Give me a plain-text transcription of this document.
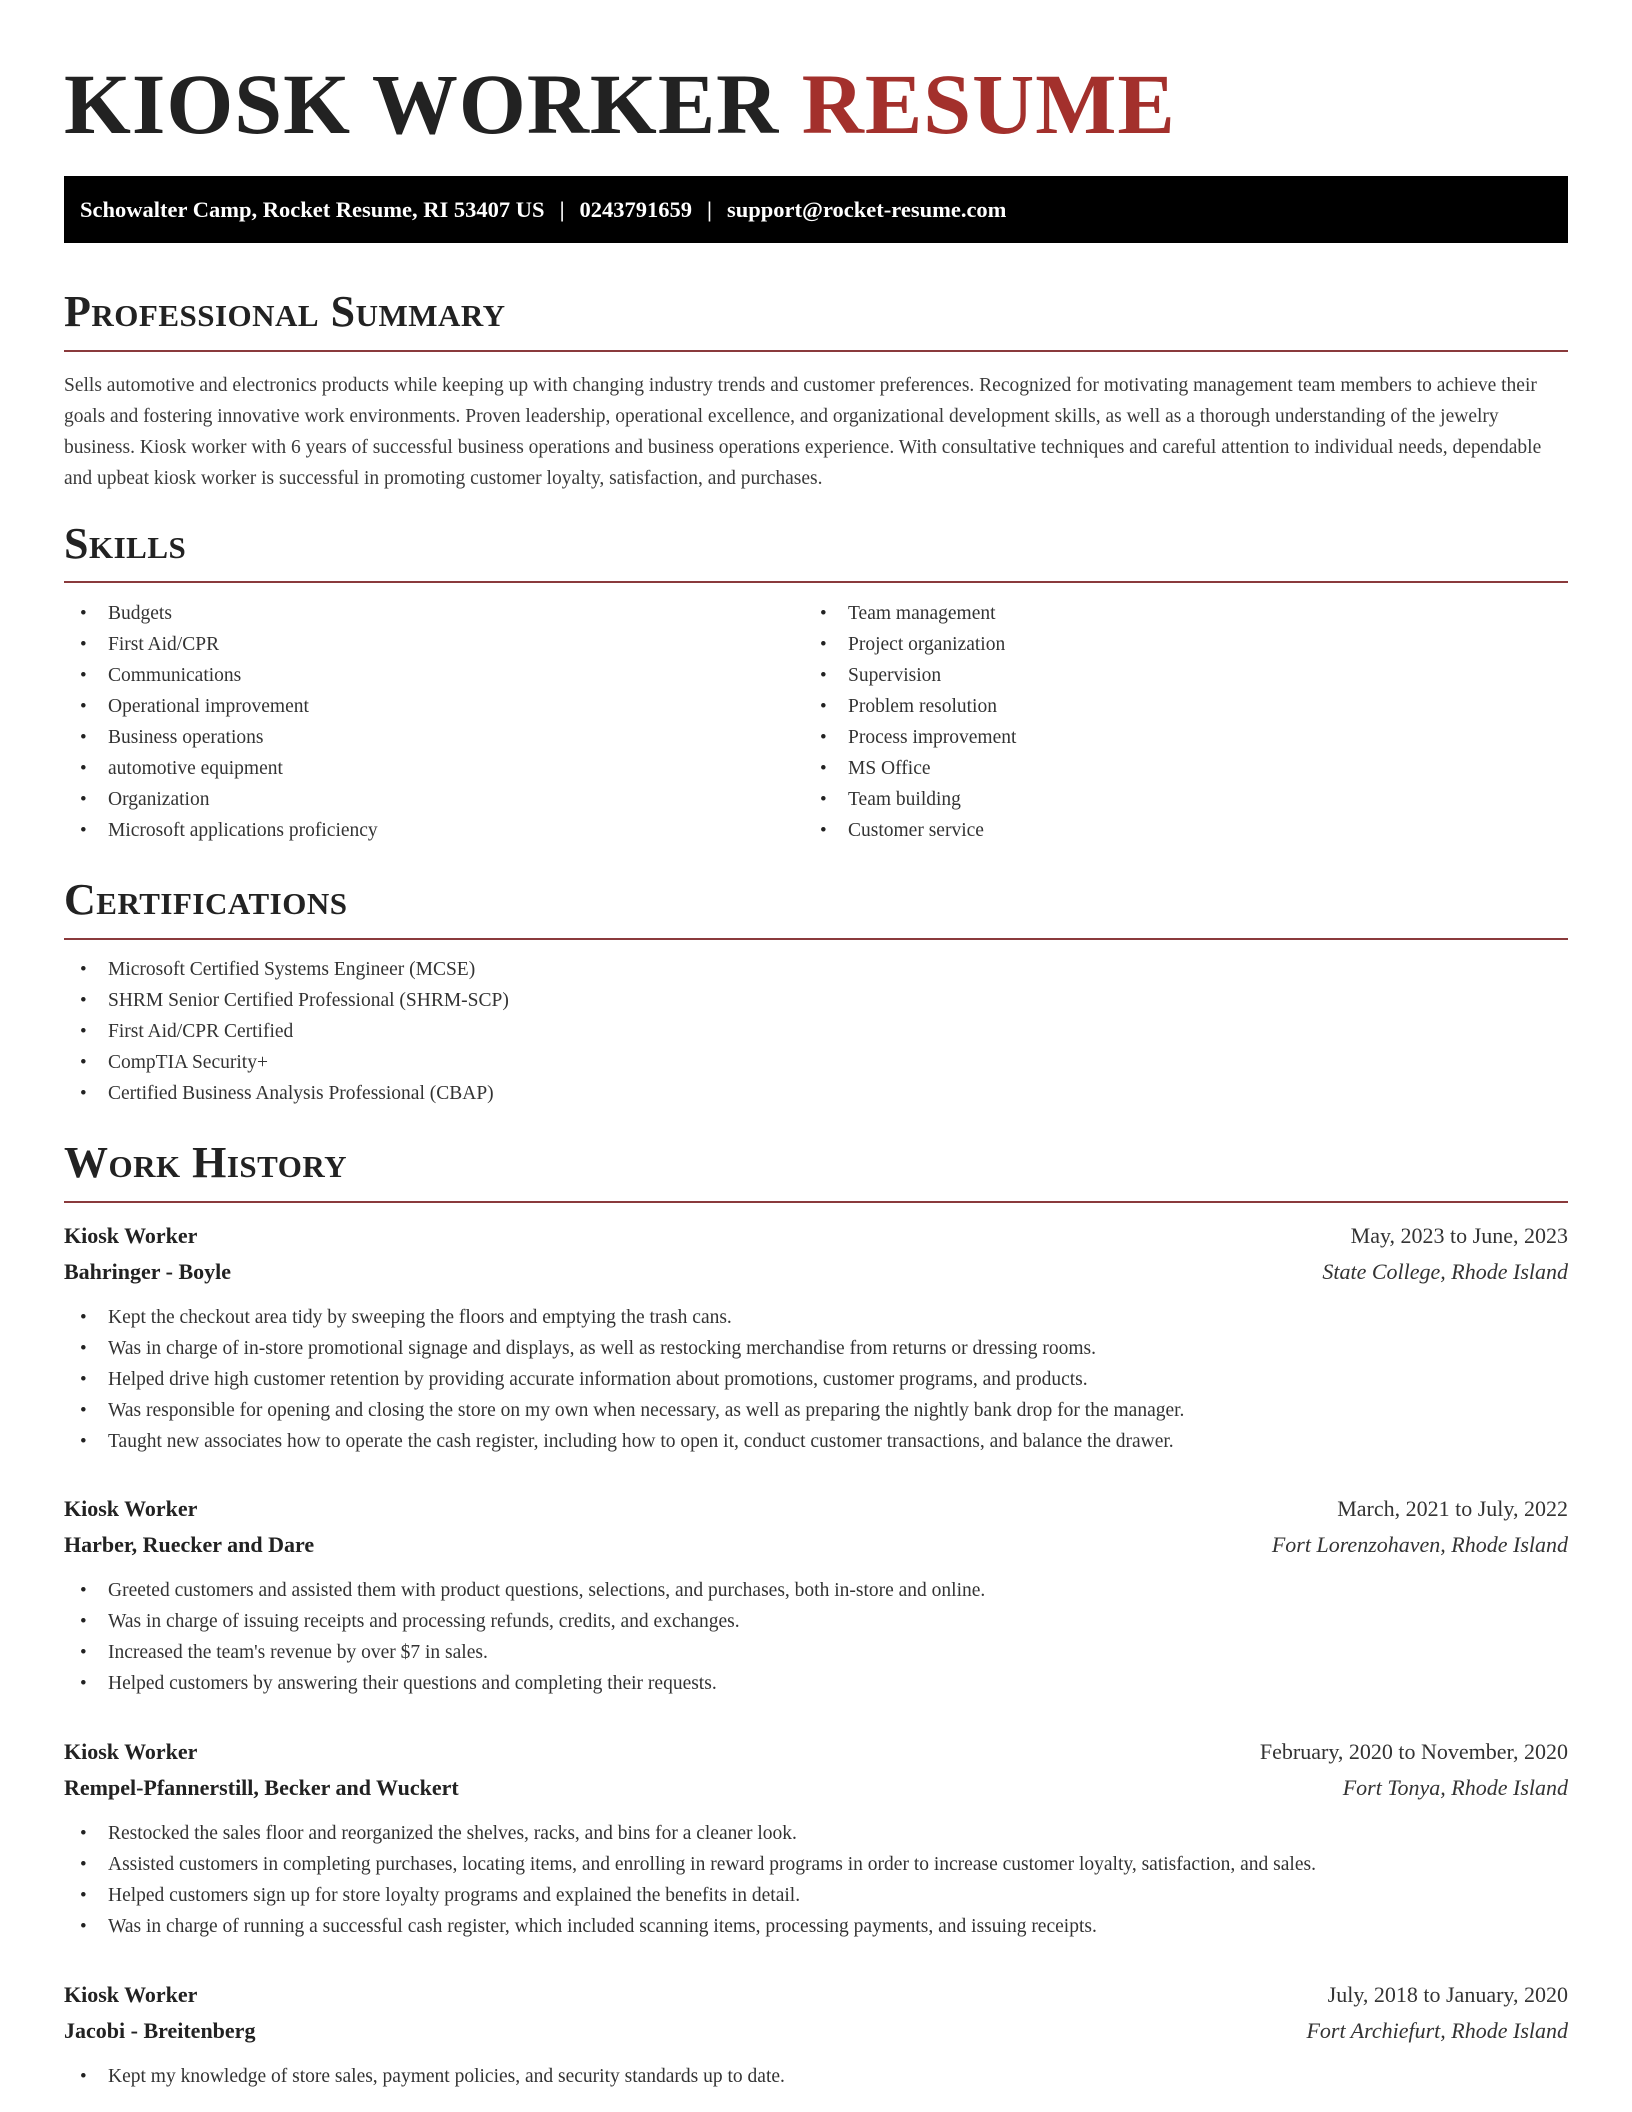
KIOSK WORKER RESUME
Schowalter Camp, Rocket Resume, RI 53407 US | 0243791659 | support@rocket-resume.com
Professional Summary

Sells automotive and electronics products while keeping up with changing industry trends and customer preferences. Recognized for motivating management team members to achieve their goals and fostering innovative work environments. Proven leadership, operational excellence, and organizational development skills, as well as a thorough understanding of the jewelry business. Kiosk worker with 6 years of successful business operations and business operations experience. With consultative techniques and careful attention to individual needs, dependable and upbeat kiosk worker is successful in promoting customer loyalty, satisfaction, and purchases.

Skills
• Budgets
• First Aid/CPR
• Communications
• Operational improvement
• Business operations
• automotive equipment
• Organization
• Microsoft applications proficiency
• Team management
• Project organization
• Supervision
• Problem resolution
• Process improvement
• MS Office
• Team building
• Customer service
Certifications
• Microsoft Certified Systems Engineer (MCSE)
• SHRM Senior Certified Professional (SHRM-SCP)
• First Aid/CPR Certified
• CompTIA Security+
• Certified Business Analysis Professional (CBAP)
Work History
Kiosk Worker	May, 2023 to June, 2023
Bahringer - Boyle	State College, Rhode Island
• Kept the checkout area tidy by sweeping the floors and emptying the trash cans.
• Was in charge of in-store promotional signage and displays, as well as restocking merchandise from returns or dressing rooms.
• Helped drive high customer retention by providing accurate information about promotions, customer programs, and products.
• Was responsible for opening and closing the store on my own when necessary, as well as preparing the nightly bank drop for the manager.
• Taught new associates how to operate the cash register, including how to open it, conduct customer transactions, and balance the drawer.
Kiosk Worker	March, 2021 to July, 2022
Harber, Ruecker and Dare	Fort Lorenzohaven, Rhode Island
• Greeted customers and assisted them with product questions, selections, and purchases, both in-store and online.
• Was in charge of issuing receipts and processing refunds, credits, and exchanges.
• Increased the team's revenue by over $7 in sales.
• Helped customers by answering their questions and completing their requests.
Kiosk Worker	February, 2020 to November, 2020
Rempel-Pfannerstill, Becker and Wuckert	Fort Tonya, Rhode Island
• Restocked the sales floor and reorganized the shelves, racks, and bins for a cleaner look.
• Assisted customers in completing purchases, locating items, and enrolling in reward programs in order to increase customer loyalty, satisfaction, and sales.
• Helped customers sign up for store loyalty programs and explained the benefits in detail.
• Was in charge of running a successful cash register, which included scanning items, processing payments, and issuing receipts.
Kiosk Worker	July, 2018 to January, 2020
Jacobi - Breitenberg	Fort Archiefurt, Rhode Island
• Kept my knowledge of store sales, payment policies, and security standards up to date.
